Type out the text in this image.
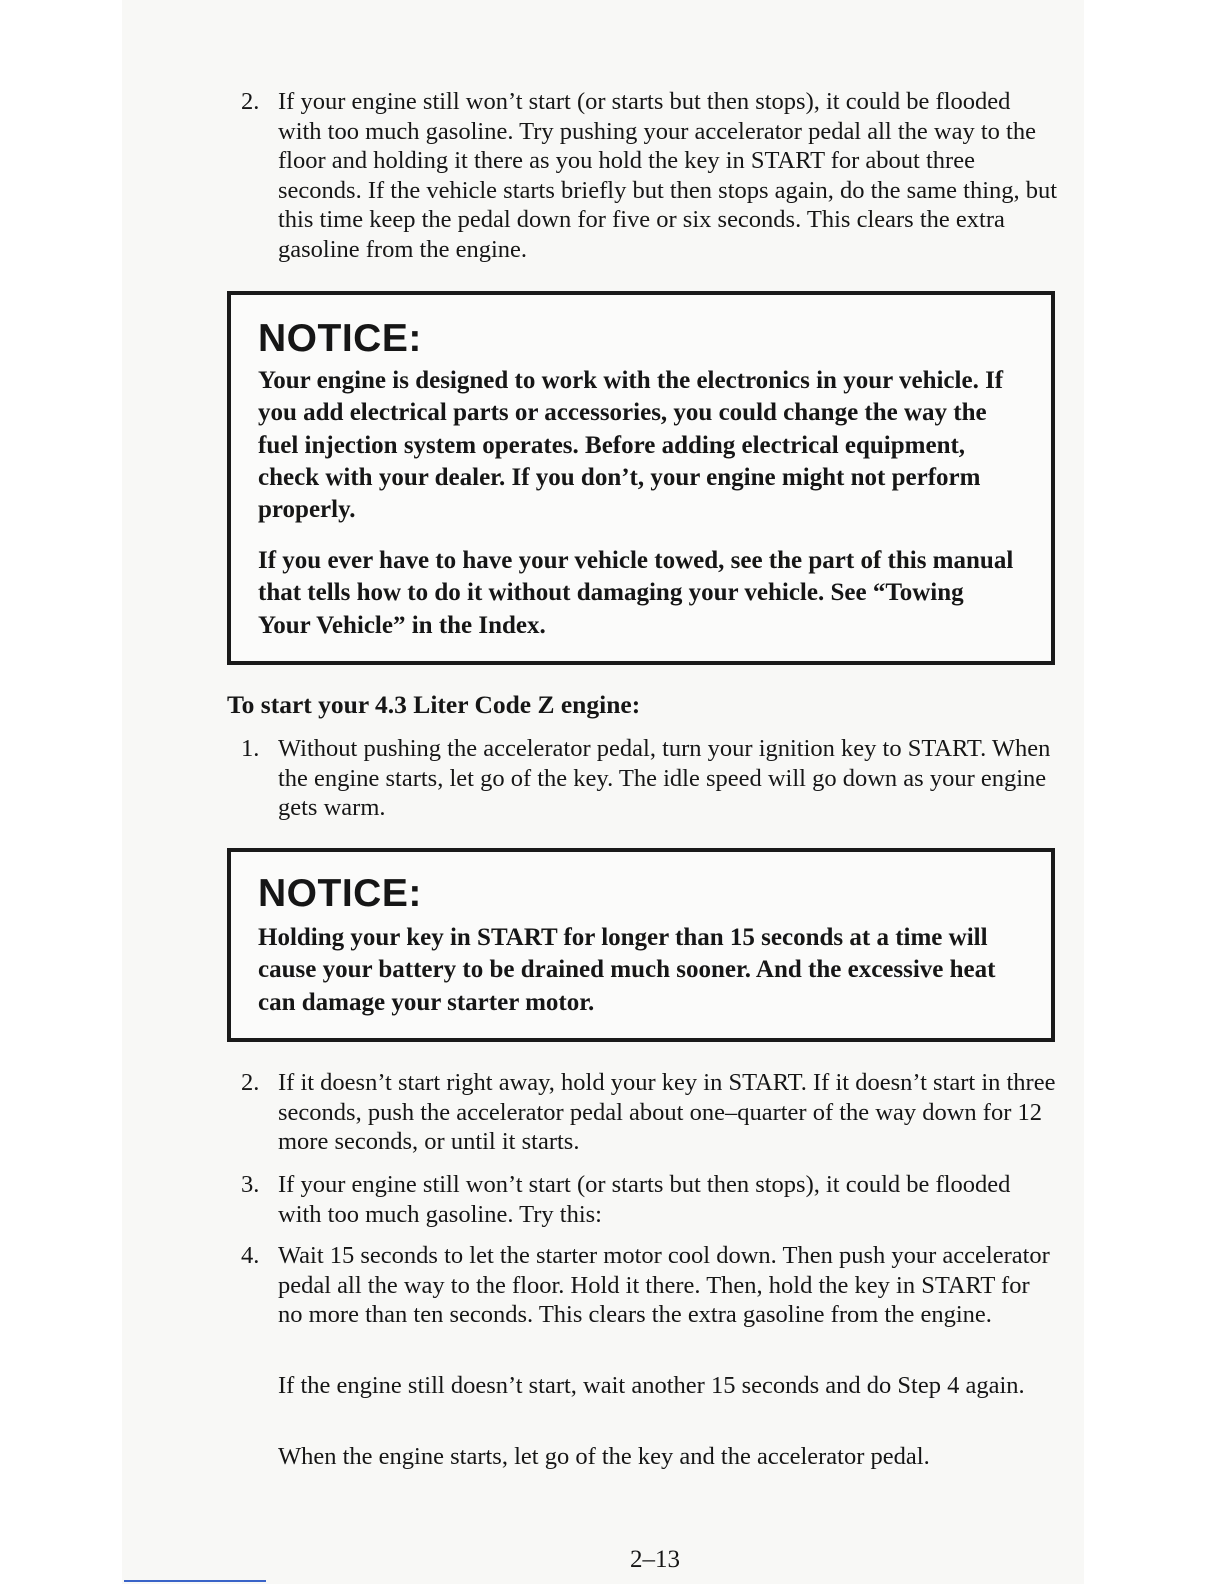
2. If your engine still won’t start (or starts but then stops), it could be flooded with too much gasoline. Try pushing your accelerator pedal all the way to the floor and holding it there as you hold the key in START for about three seconds. If the vehicle starts briefly but then stops again, do the same thing, but this time keep the pedal down for five or six seconds. This clears the extra gasoline from the engine.
NOTICE:
Your engine is designed to work with the electronics in your vehicle. If you add electrical parts or accessories, you could change the way the fuel injection system operates. Before adding electrical equipment, check with your dealer. If you don’t, your engine might not perform properly.
If you ever have to have your vehicle towed, see the part of this manual that tells how to do it without damaging your vehicle. See “Towing Your Vehicle” in the Index.
To start your 4.3 Liter Code Z engine:
1. Without pushing the accelerator pedal, turn your ignition key to START. When the engine starts, let go of the key. The idle speed will go down as your engine gets warm.
NOTICE:
Holding your key in START for longer than 15 seconds at a time will cause your battery to be drained much sooner. And the excessive heat can damage your starter motor.
2. If it doesn’t start right away, hold your key in START. If it doesn’t start in three seconds, push the accelerator pedal about one–quarter of the way down for 12 more seconds, or until it starts.
3. If your engine still won’t start (or starts but then stops), it could be flooded with too much gasoline. Try this:
4. Wait 15 seconds to let the starter motor cool down. Then push your accelerator pedal all the way to the floor. Hold it there. Then, hold the key in START for no more than ten seconds. This clears the extra gasoline from the engine.
If the engine still doesn’t start, wait another 15 seconds and do Step 4 again.
When the engine starts, let go of the key and the accelerator pedal.
2–13
